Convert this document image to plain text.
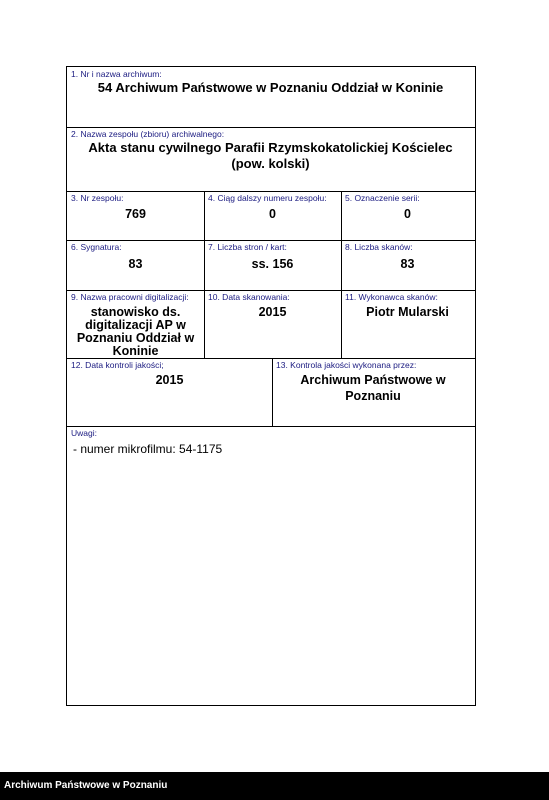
1. Nr i nazwa archiwum:
54 Archiwum Państwowe w Poznaniu Oddział w Koninie
2. Nazwa zespołu (zbioru) archiwalnego:
Akta stanu cywilnego Parafii Rzymskokatolickiej Kościelec
(pow. kolski)
3. Nr zespołu:
769
4. Ciąg dalszy numeru zespołu:
0
5. Oznaczenie serii:
0
6. Sygnatura:
83
7. Liczba stron / kart:
ss. 156
8. Liczba skanów:
83
9. Nazwa pracowni digitalizacji:
stanowisko ds.
digitalizacji AP w
Poznaniu Oddział w
Koninie
10. Data skanowania:
2015
11. Wykonawca skanów:
Piotr Mularski
12. Data kontroli jakości;
2015
13. Kontrola jakości wykonana przez:
Archiwum Państwowe w
Poznaniu
Uwagi:
- numer mikrofilmu: 54-1175
Archiwum Państwowe w Poznaniu
